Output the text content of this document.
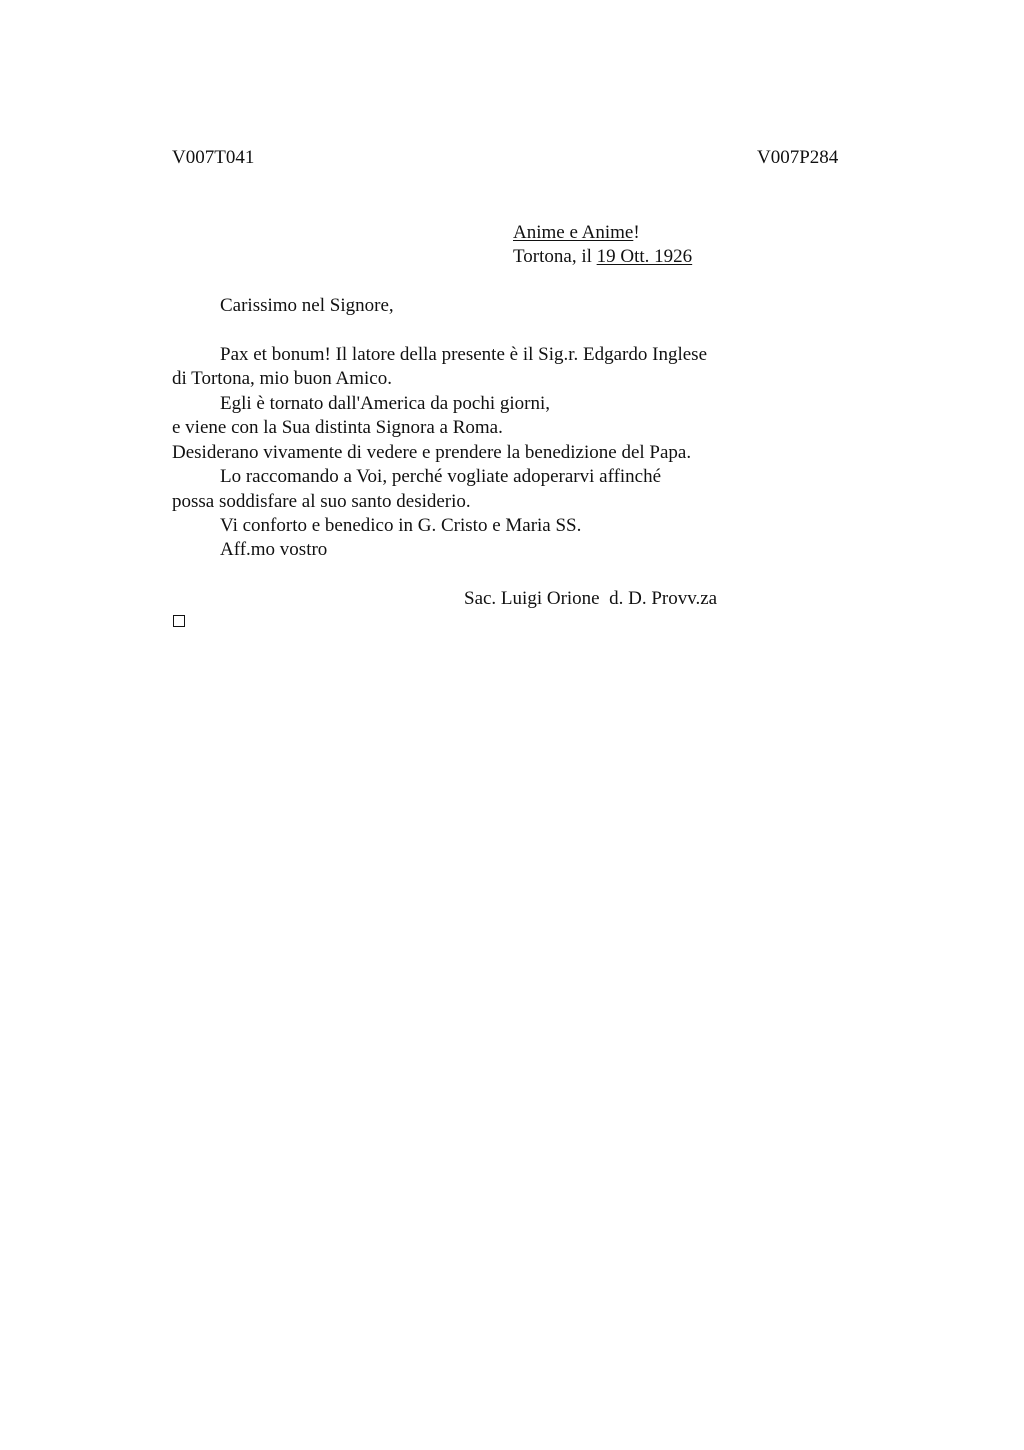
V007T041	V007P284
Anime e Anime!
Tortona, il 19 Ott. 1926
Carissimo nel Signore,
Pax et bonum! Il latore della presente è il Sig.r. Edgardo Inglese
di Tortona, mio buon Amico.
Egli è tornato dall'America da pochi giorni,
e viene con la Sua distinta Signora a Roma.
Desiderano vivamente di vedere e prendere la benedizione del Papa.
Lo raccomando a Voi, perché vogliate adoperarvi affinché
possa soddisfare al suo santo desiderio.
Vi conforto e benedico in G. Cristo e Maria SS.
Aff.mo vostro
Sac. Luigi Orione  d. D. Provv.za
